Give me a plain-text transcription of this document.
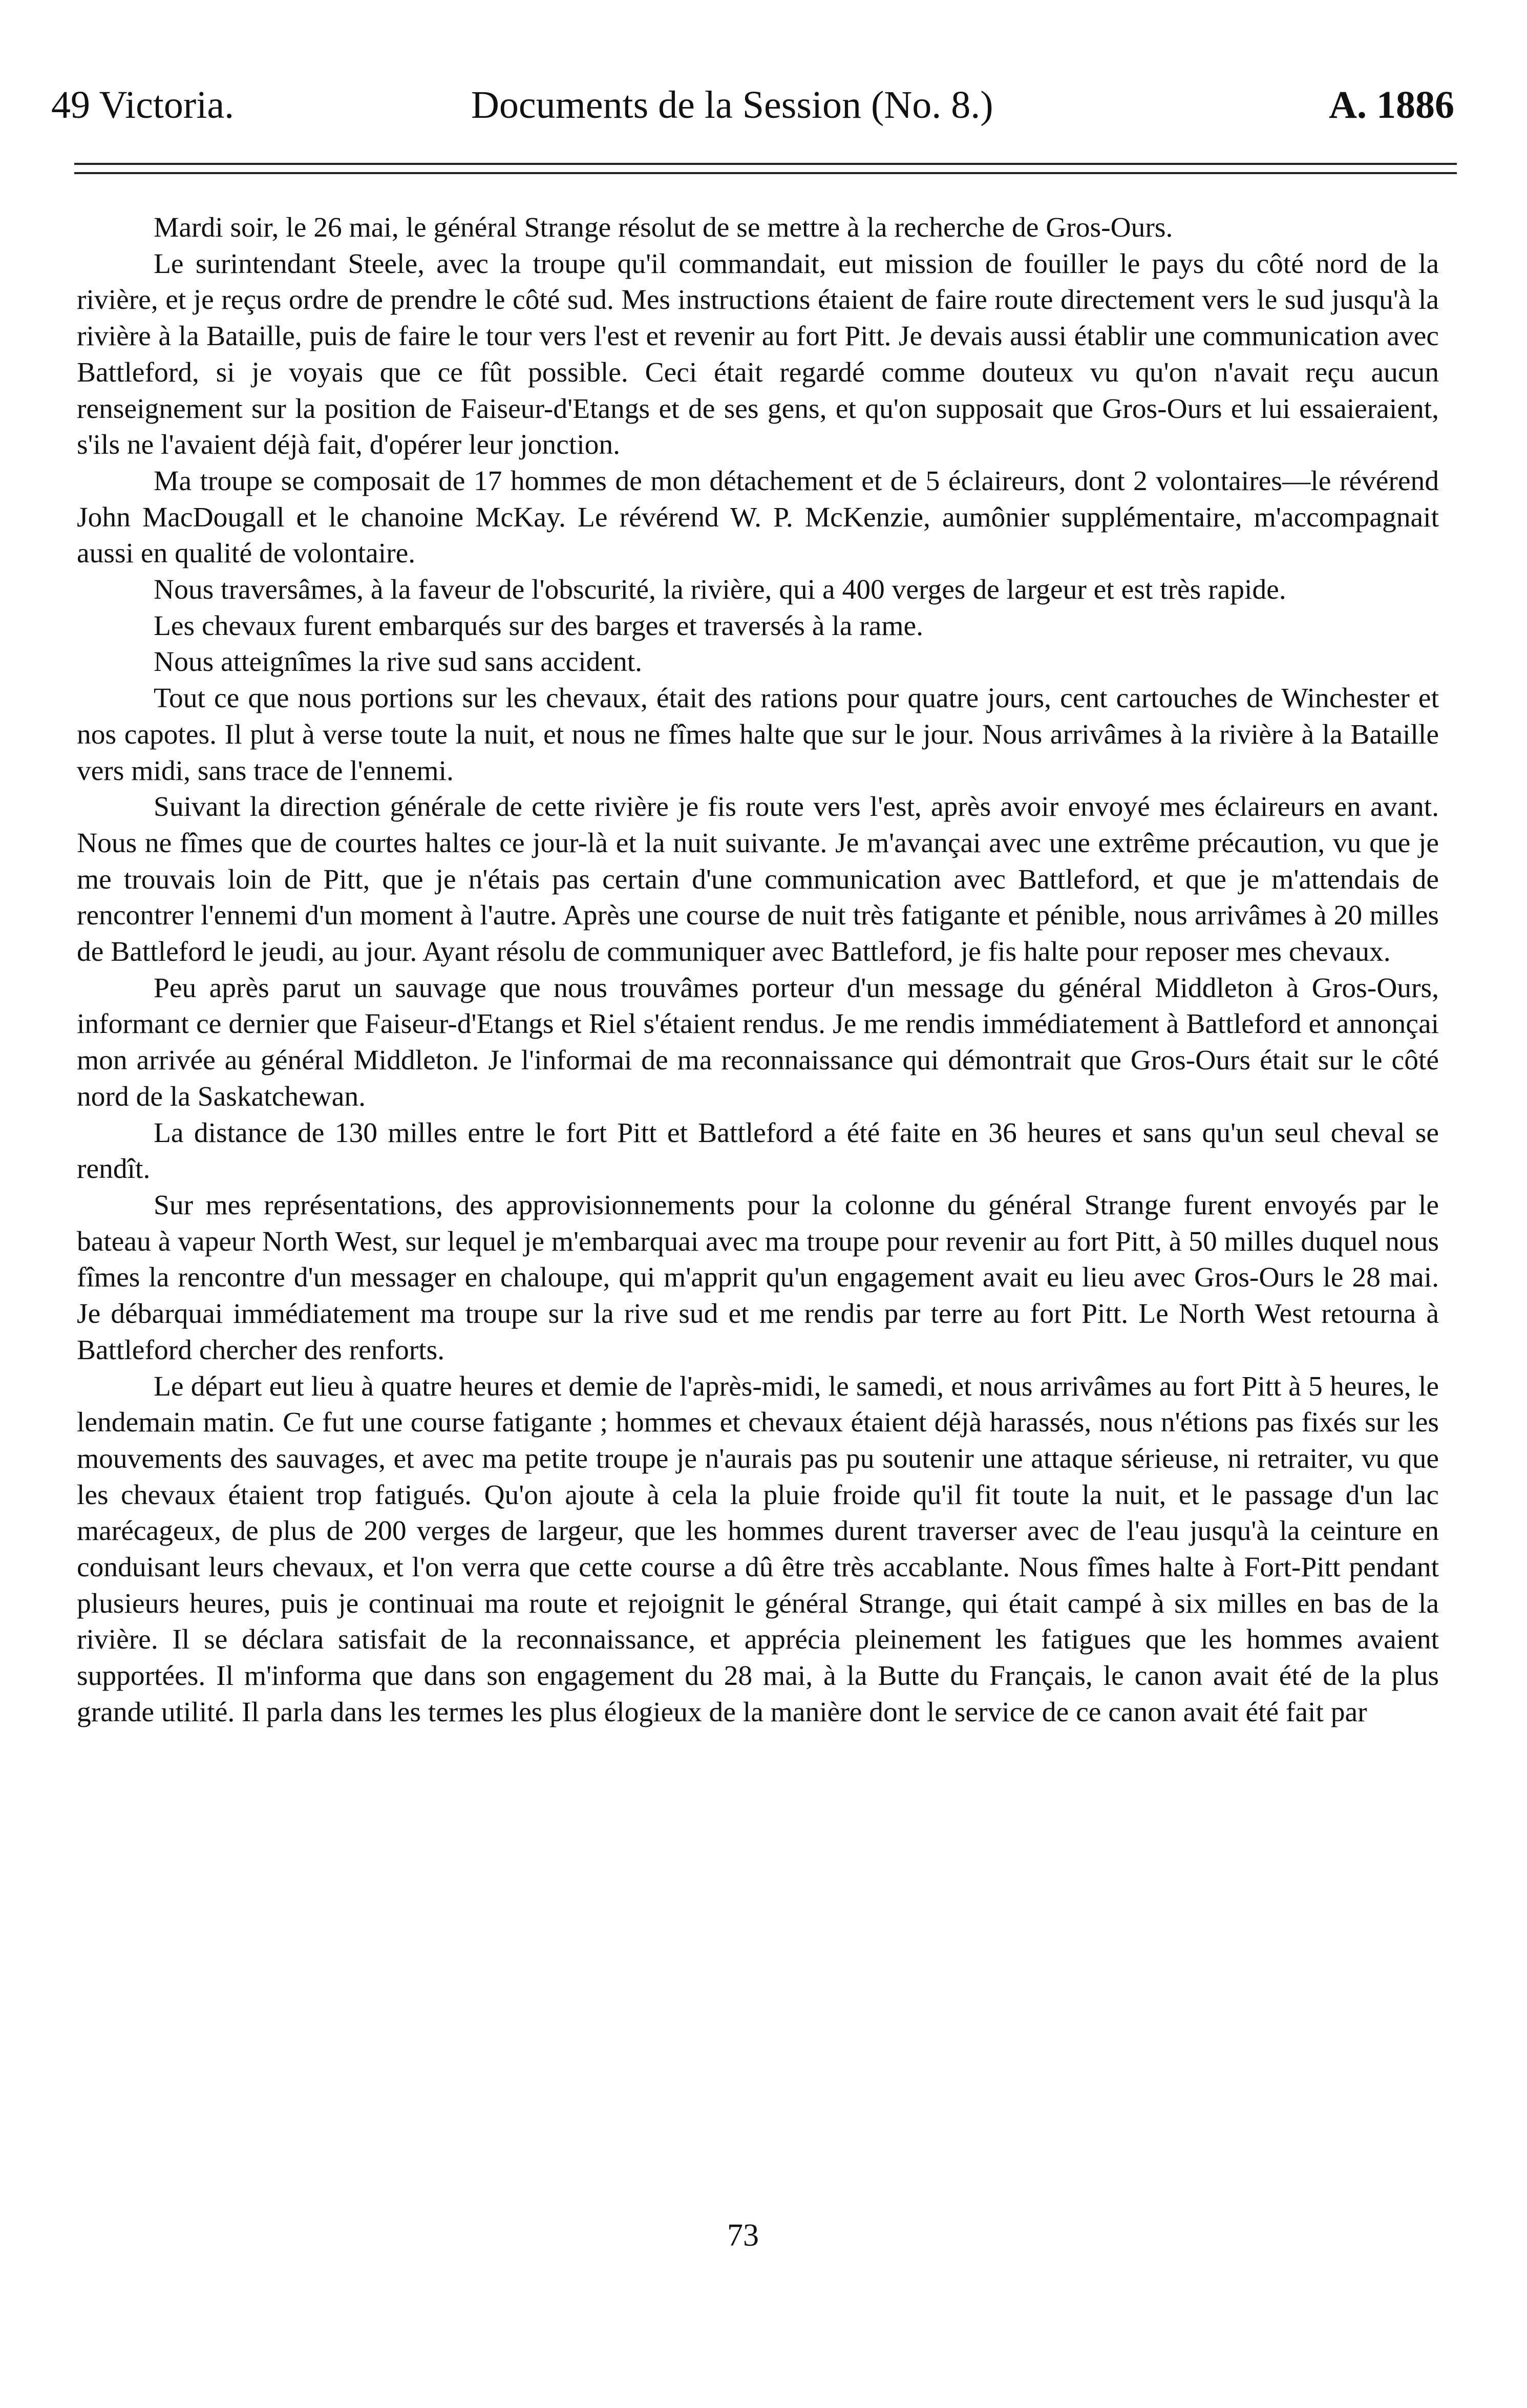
49 Victoria.	Documents de la Session (No. 8.)	A. 1886

Mardi soir, le 26 mai, le général Strange résolut de se mettre à la recherche de Gros-Ours.

Le surintendant Steele, avec la troupe qu'il commandait, eut mission de fouiller le pays du côté nord de la rivière, et je reçus ordre de prendre le côté sud. Mes instructions étaient de faire route directement vers le sud jusqu'à la rivière à la Bataille, puis de faire le tour vers l'est et revenir au fort Pitt. Je devais aussi établir une communication avec Battleford, si je voyais que ce fût possible. Ceci était regardé comme douteux vu qu'on n'avait reçu aucun renseignement sur la position de Faiseur-d'Etangs et de ses gens, et qu'on supposait que Gros-Ours et lui essaieraient, s'ils ne l'avaient déjà fait, d'opérer leur jonction.

Ma troupe se composait de 17 hommes de mon détachement et de 5 éclaireurs, dont 2 volontaires—le révérend John MacDougall et le chanoine McKay. Le révérend W. P. McKenzie, aumônier supplémentaire, m'accompagnait aussi en qualité de volontaire.

Nous traversâmes, à la faveur de l'obscurité, la rivière, qui a 400 verges de largeur et est très rapide.

Les chevaux furent embarqués sur des barges et traversés à la rame.

Nous atteignîmes la rive sud sans accident.

Tout ce que nous portions sur les chevaux, était des rations pour quatre jours, cent cartouches de Winchester et nos capotes. Il plut à verse toute la nuit, et nous ne fîmes halte que sur le jour. Nous arrivâmes à la rivière à la Bataille vers midi, sans trace de l'ennemi.

Suivant la direction générale de cette rivière je fis route vers l'est, après avoir envoyé mes éclaireurs en avant. Nous ne fîmes que de courtes haltes ce jour-là et la nuit suivante. Je m'avançai avec une extrême précaution, vu que je me trouvais loin de Pitt, que je n'étais pas certain d'une communication avec Battleford, et que je m'attendais de rencontrer l'ennemi d'un moment à l'autre. Après une course de nuit très fatigante et pénible, nous arrivâmes à 20 milles de Battleford le jeudi, au jour. Ayant résolu de communiquer avec Battleford, je fis halte pour reposer mes chevaux.

Peu après parut un sauvage que nous trouvâmes porteur d'un message du général Middleton à Gros-Ours, informant ce dernier que Faiseur-d'Etangs et Riel s'étaient rendus. Je me rendis immédiatement à Battleford et annonçai mon arrivée au général Middleton. Je l'informai de ma reconnaissance qui démontrait que Gros-Ours était sur le côté nord de la Saskatchewan.

La distance de 130 milles entre le fort Pitt et Battleford a été faite en 36 heures et sans qu'un seul cheval se rendît.

Sur mes représentations, des approvisionnements pour la colonne du général Strange furent envoyés par le bateau à vapeur North West, sur lequel je m'embarquai avec ma troupe pour revenir au fort Pitt, à 50 milles duquel nous fîmes la rencontre d'un messager en chaloupe, qui m'apprit qu'un engagement avait eu lieu avec Gros-Ours le 28 mai. Je débarquai immédiatement ma troupe sur la rive sud et me rendis par terre au fort Pitt. Le North West retourna à Battleford chercher des renforts.

Le départ eut lieu à quatre heures et demie de l'après-midi, le samedi, et nous arrivâmes au fort Pitt à 5 heures, le lendemain matin. Ce fut une course fatigante ; hommes et chevaux étaient déjà harassés, nous n'étions pas fixés sur les mouvements des sauvages, et avec ma petite troupe je n'aurais pas pu soutenir une attaque sérieuse, ni retraiter, vu que les chevaux étaient trop fatigués. Qu'on ajoute à cela la pluie froide qu'il fit toute la nuit, et le passage d'un lac marécageux, de plus de 200 verges de largeur, que les hommes durent traverser avec de l'eau jusqu'à la ceinture en conduisant leurs chevaux, et l'on verra que cette course a dû être très accablante. Nous fîmes halte à Fort-Pitt pendant plusieurs heures, puis je continuai ma route et rejoignit le général Strange, qui était campé à six milles en bas de la rivière. Il se déclara satisfait de la reconnaissance, et apprécia pleinement les fatigues que les hommes avaient supportées. Il m'informa que dans son engagement du 28 mai, à la Butte du Français, le canon avait été de la plus grande utilité. Il parla dans les termes les plus élogieux de la manière dont le service de ce canon avait été fait par

73
